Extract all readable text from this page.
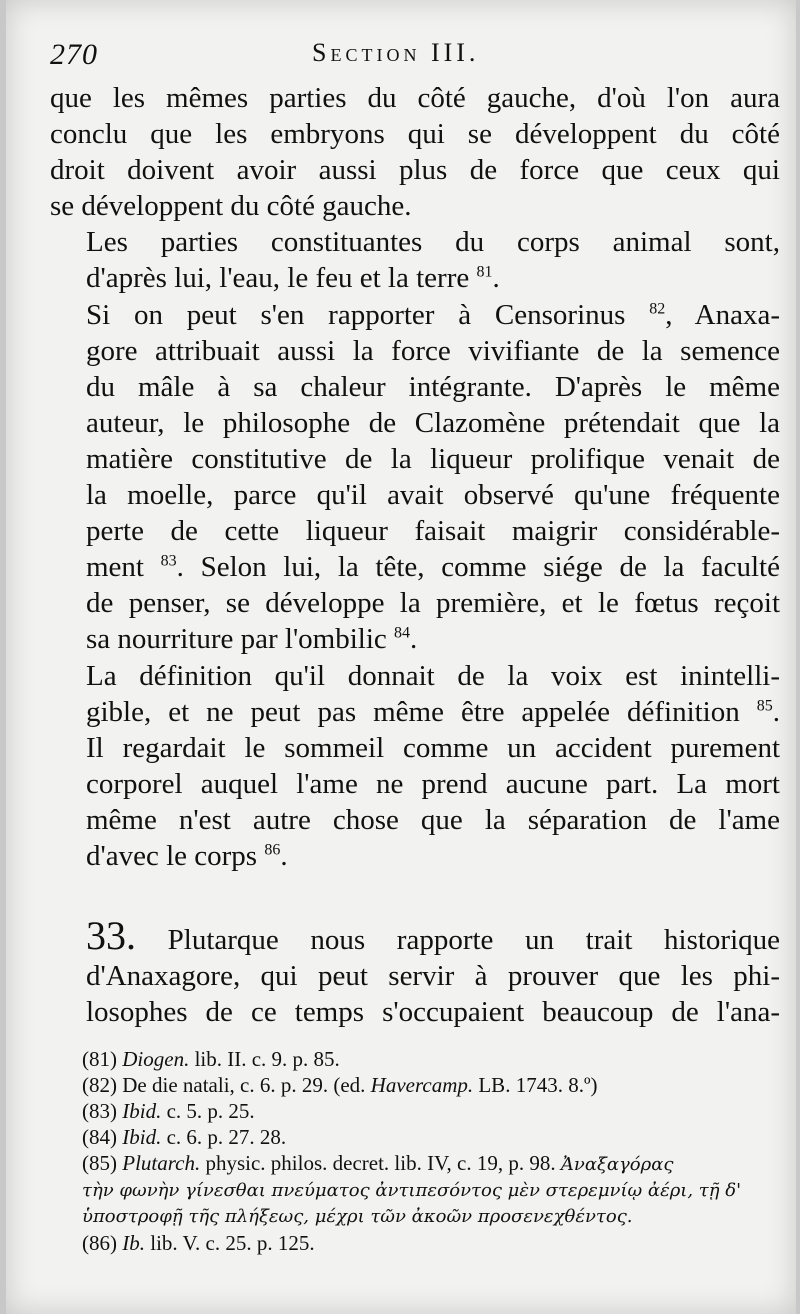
270	Section III.

que les mêmes parties du côté gauche, d'où l'on aura
conclu que les embryons qui se développent du côté
droit doivent avoir aussi plus de force que ceux qui
se développent du côté gauche.

Les parties constituantes du corps animal sont,
d'après lui, l'eau, le feu et la terre $^{81}$.

Si on peut s'en rapporter à Censorinus $^{82}$, Anaxa-
gore attribuait aussi la force vivifiante de la semence
du mâle à sa chaleur intégrante. D'après le même
auteur, le philosophe de Clazomène prétendait que la
matière constitutive de la liqueur prolifique venait de
la moelle, parce qu'il avait observé qu'une fréquente
perte de cette liqueur faisait maigrir considérable-
ment $^{83}$. Selon lui, la tête, comme siége de la faculté
de penser, se développe la première, et le fœtus reçoit
sa nourriture par l'ombilic $^{84}$.

La définition qu'il donnait de la voix est inintelli-
gible, et ne peut pas même être appelée définition $^{85}$.
Il regardait le sommeil comme un accident purement
corporel auquel l'ame ne prend aucune part. La mort
même n'est autre chose que la séparation de l'ame
d'avec le corps $^{86}$.

33. Plutarque nous rapporte un trait historique
d'Anaxagore, qui peut servir à prouver que les phi-
losophes de ce temps s'occupaient beaucoup de l'ana-

(81) Diogen. lib. II. c. 9. p. 85.
(82) De die natali, c. 6. p. 29. (ed. Havercamp. LB. 1743. 8.º)
(83) Ibid. c. 5. p. 25.
(84) Ibid. c. 6. p. 27. 28.
(85) Plutarch. physic. philos. decret. lib. IV, c. 19, p. 98. Ἀναξαγόρας
τὴν φωνὴν γίνεσθαι πνεύματος ἀντιπεσόντος μὲν στερεμνίῳ ἀέρι, τῇ δ'
ὑποστροφῇ τῆς πλήξεως, μέχρι τῶν ἀκοῶν προσενεχθέντος.
(86) Ib. lib. V. c. 25. p. 125.
